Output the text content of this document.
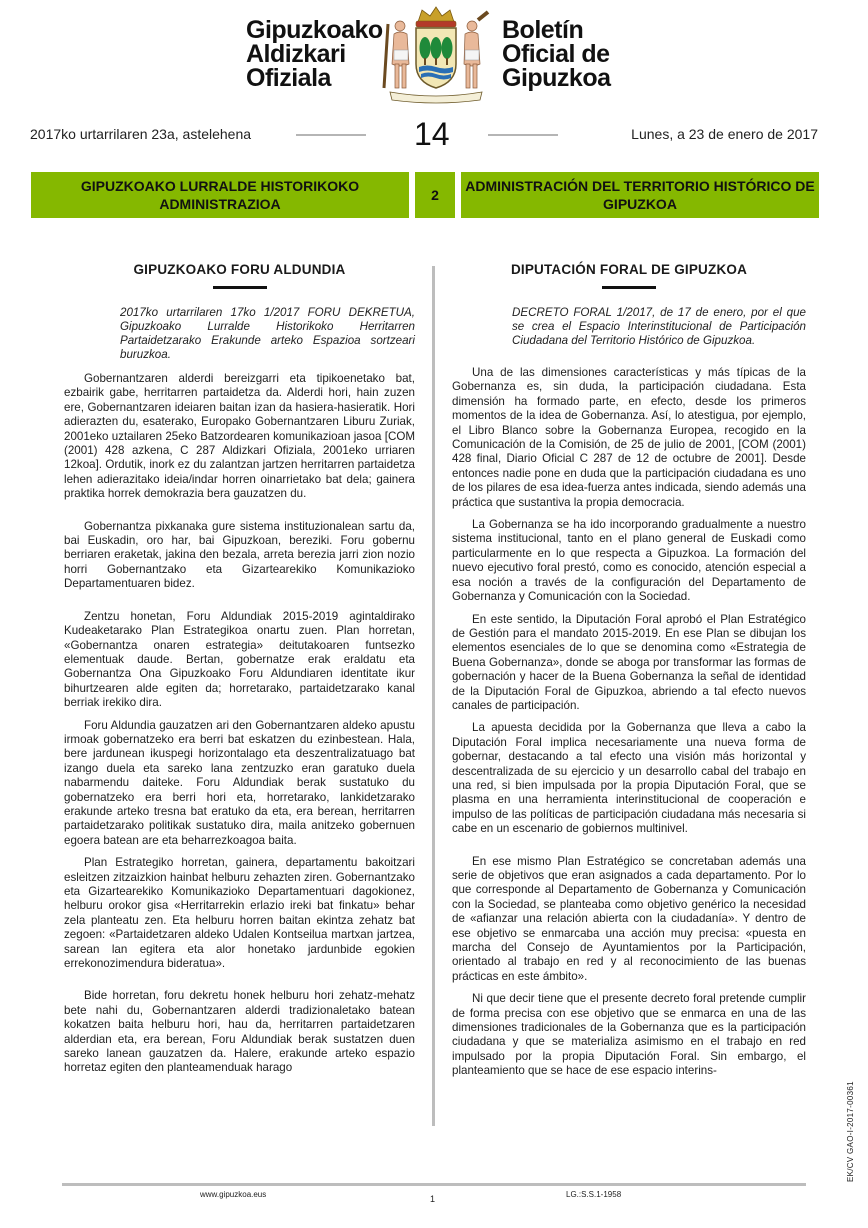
Gipuzkoako
Aldizkari
Ofiziala
Boletín
Oficial de
Gipuzkoa
2017ko urtarrilaren 23a, astelehena	14	Lunes, a 23 de enero de 2017
GIPUZKOAKO LURRALDE HISTORIKOKO ADMINISTRAZIOA
2
ADMINISTRACIÓN DEL TERRITORIO HISTÓRICO DE GIPUZKOA
GIPUZKOAKO FORU ALDUNDIA

2017ko urtarrilaren 17ko 1/2017 FORU DEKRETUA, Gipuzkoako Lurralde Historikoko Herritarren Partaidetzarako Erakunde arteko Espazioa sortzeari buruzkoa.

Gobernantzaren alderdi bereizgarri eta tipikoenetako bat, ezbairik gabe, herritarren partaidetza da. Alderdi hori, hain zuzen ere, Gobernantzaren ideiaren baitan izan da hasiera-hasieratik. Hori adierazten du, esaterako, Europako Gobernantzaren Liburu Zuriak, 2001eko uztailaren 25eko Batzordearen komunikazioan jasoa [COM (2001) 428 azkena, C 287 Aldizkari Ofiziala, 2001eko urriaren 12koa]. Ordutik, inork ez du zalantzan jartzen herritarren partaidetza lehen adierazitako ideia/indar horren oinarrietako bat dela; gainera praktika horrek demokrazia bera gauzatzen du.

Gobernantza pixkanaka gure sistema instituzionalean sartu da, bai Euskadin, oro har, bai Gipuzkoan, bereziki. Foru gobernu berriaren eraketak, jakina den bezala, arreta berezia jarri zion nozio horri Gobernantzako eta Gizartearekiko Komunikazioko Departamentuaren bidez.

Zentzu honetan, Foru Aldundiak 2015-2019 agintaldirako Kudeaketarako Plan Estrategikoa onartu zuen. Plan horretan, «Gobernantza onaren estrategia» deitutakoaren funtsezko elementuak daude. Bertan, gobernatze erak eraldatu eta Gobernantza Ona Gipuzkoako Foru Aldundiaren identitate ikur bihurtzearen alde egiten da; horretarako, partaidetzarako kanal berriak irekiko dira.

Foru Aldundia gauzatzen ari den Gobernantzaren aldeko apustu irmoak gobernatzeko era berri bat eskatzen du ezinbestean. Hala, bere jardunean ikuspegi horizontalago eta deszentralizatuago bat izango duela eta sareko lana zentzuzko eran garatuko duela nabarmendu daiteke. Foru Aldundiak berak sustatuko du gobernatzeko era berri hori eta, horretarako, lankidetzarako erakunde arteko tresna bat eratuko da eta, era berean, herritarren partaidetzarako politikak sustatuko dira, maila anitzeko gobernuen egoera batean are eta beharrezkoagoa baita.

Plan Estrategiko horretan, gainera, departamentu bakoitzari esleitzen zitzaizkion hainbat helburu zehazten ziren. Gobernantzako eta Gizartearekiko Komunikazioko Departamentuari dagokionez, helburu orokor gisa «Herritarrekin erlazio ireki bat finkatu» behar zela planteatu zen. Eta helburu horren baitan ekintza zehatz bat zegoen: «Partaidetzaren aldeko Udalen Kontseilua martxan jartzea, sarean lan egitera eta alor honetako jardunbide egokien errekonozimendura bideratua».

Bide horretan, foru dekretu honek helburu hori zehatz-mehatz bete nahi du, Gobernantzaren alderdi tradizionaletako batean kokatzen baita helburu hori, hau da, herritarren partaidetzaren alderdian eta, era berean, Foru Aldundiak berak sustatzen duen sareko lanean gauzatzen da. Halere, erakunde arteko espazio horretaz egiten den planteamenduak harago

DIPUTACIÓN FORAL DE GIPUZKOA

DECRETO FORAL 1/2017, de 17 de enero, por el que se crea el Espacio Interinstitucional de Participación Ciudadana del Territorio Histórico de Gipuzkoa.

Una de las dimensiones características y más típicas de la Gobernanza es, sin duda, la participación ciudadana. Esta dimensión ha formado parte, en efecto, desde los primeros momentos de la idea de Gobernanza. Así, lo atestigua, por ejemplo, el Libro Blanco sobre la Gobernanza Europea, recogido en la Comunicación de la Comisión, de 25 de julio de 2001, [COM (2001) 428 final, Diario Oficial C 287 de 12 de octubre de 2001]. Desde entonces nadie pone en duda que la participación ciudadana es uno de los pilares de esa idea-fuerza antes indicada, siendo además una práctica que sustantiva la propia democracia.

La Gobernanza se ha ido incorporando gradualmente a nuestro sistema institucional, tanto en el plano general de Euskadi como particularmente en lo que respecta a Gipuzkoa. La formación del nuevo ejecutivo foral prestó, como es conocido, atención especial a esa noción a través de la configuración del Departamento de Gobernanza y Comunicación con la Sociedad.

En este sentido, la Diputación Foral aprobó el Plan Estratégico de Gestión para el mandato 2015-2019. En ese Plan se dibujan los elementos esenciales de lo que se denomina como «Estrategia de Buena Gobernanza», donde se aboga por transformar las formas de gobernación y hacer de la Buena Gobernanza la señal de identidad de la Diputación Foral de Gipuzkoa, abriendo a tal efecto nuevos canales de participación.

La apuesta decidida por la Gobernanza que lleva a cabo la Diputación Foral implica necesariamente una nueva forma de gobernar, destacando a tal efecto una visión más horizontal y descentralizada de su ejercicio y un desarrollo cabal del trabajo en una red, si bien impulsada por la propia Diputación Foral, que se plasma en una herramienta interinstitucional de cooperación e impulso de las políticas de participación ciudadana más necesaria si cabe en un escenario de gobiernos multinivel.

En ese mismo Plan Estratégico se concretaban además una serie de objetivos que eran asignados a cada departamento. Por lo que corresponde al Departamento de Gobernanza y Comunicación con la Sociedad, se planteaba como objetivo genérico la necesidad de «afianzar una relación abierta con la ciudadanía». Y dentro de ese objetivo se enmarcaba una acción muy precisa: «puesta en marcha del Consejo de Ayuntamientos por la Participación, orientado al trabajo en red y al reconocimiento de las buenas prácticas en este ámbito».

Ni que decir tiene que el presente decreto foral pretende cumplir de forma precisa con ese objetivo que se enmarca en una de las dimensiones tradicionales de la Gobernanza que es la participación ciudadana y que se materializa asimismo en el trabajo en red impulsado por la propia Diputación Foral. Sin embargo, el planteamiento que se hace de ese espacio interins-

www.gipuzkoa.eus	1	LG.:S.S.1-1958
EK/CV GAO-I-2017-00361
